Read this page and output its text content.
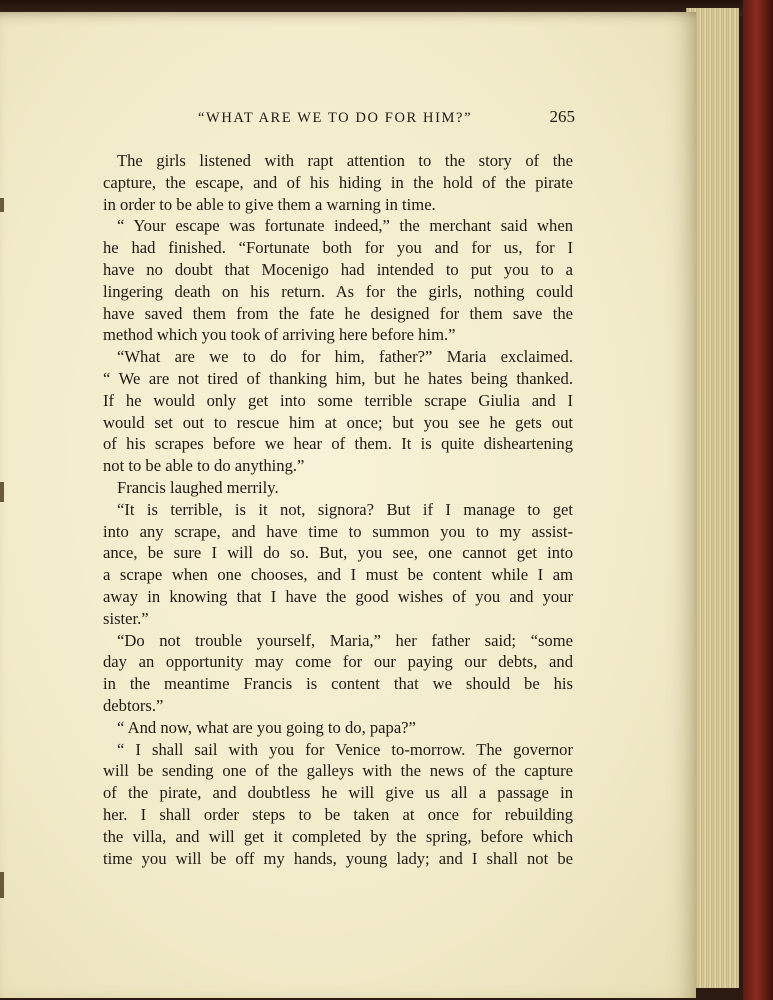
“WHAT ARE WE TO DO FOR HIM?”	265
The girls listened with rapt attention to the story of the
capture, the escape, and of his hiding in the hold of the pirate
in order to be able to give them a warning in time.
“ Your escape was fortunate indeed,” the merchant said when
he had finished. “Fortunate both for you and for us, for I
have no doubt that Mocenigo had intended to put you to a
lingering death on his return. As for the girls, nothing could
have saved them from the fate he designed for them save the
method which you took of arriving here before him.”
“What are we to do for him, father?” Maria exclaimed.
“ We are not tired of thanking him, but he hates being thanked.
If he would only get into some terrible scrape Giulia and I
would set out to rescue him at once; but you see he gets out
of his scrapes before we hear of them. It is quite disheartening
not to be able to do anything.”
Francis laughed merrily.
“It is terrible, is it not, signora? But if I manage to get
into any scrape, and have time to summon you to my assist-
ance, be sure I will do so. But, you see, one cannot get into
a scrape when one chooses, and I must be content while I am
away in knowing that I have the good wishes of you and your
sister.”
“Do not trouble yourself, Maria,” her father said; “some
day an opportunity may come for our paying our debts, and
in the meantime Francis is content that we should be his
debtors.”
“ And now, what are you going to do, papa?”
“ I shall sail with you for Venice to-morrow. The governor
will be sending one of the galleys with the news of the capture
of the pirate, and doubtless he will give us all a passage in
her. I shall order steps to be taken at once for rebuilding
the villa, and will get it completed by the spring, before which
time you will be off my hands, young lady; and I shall not be
